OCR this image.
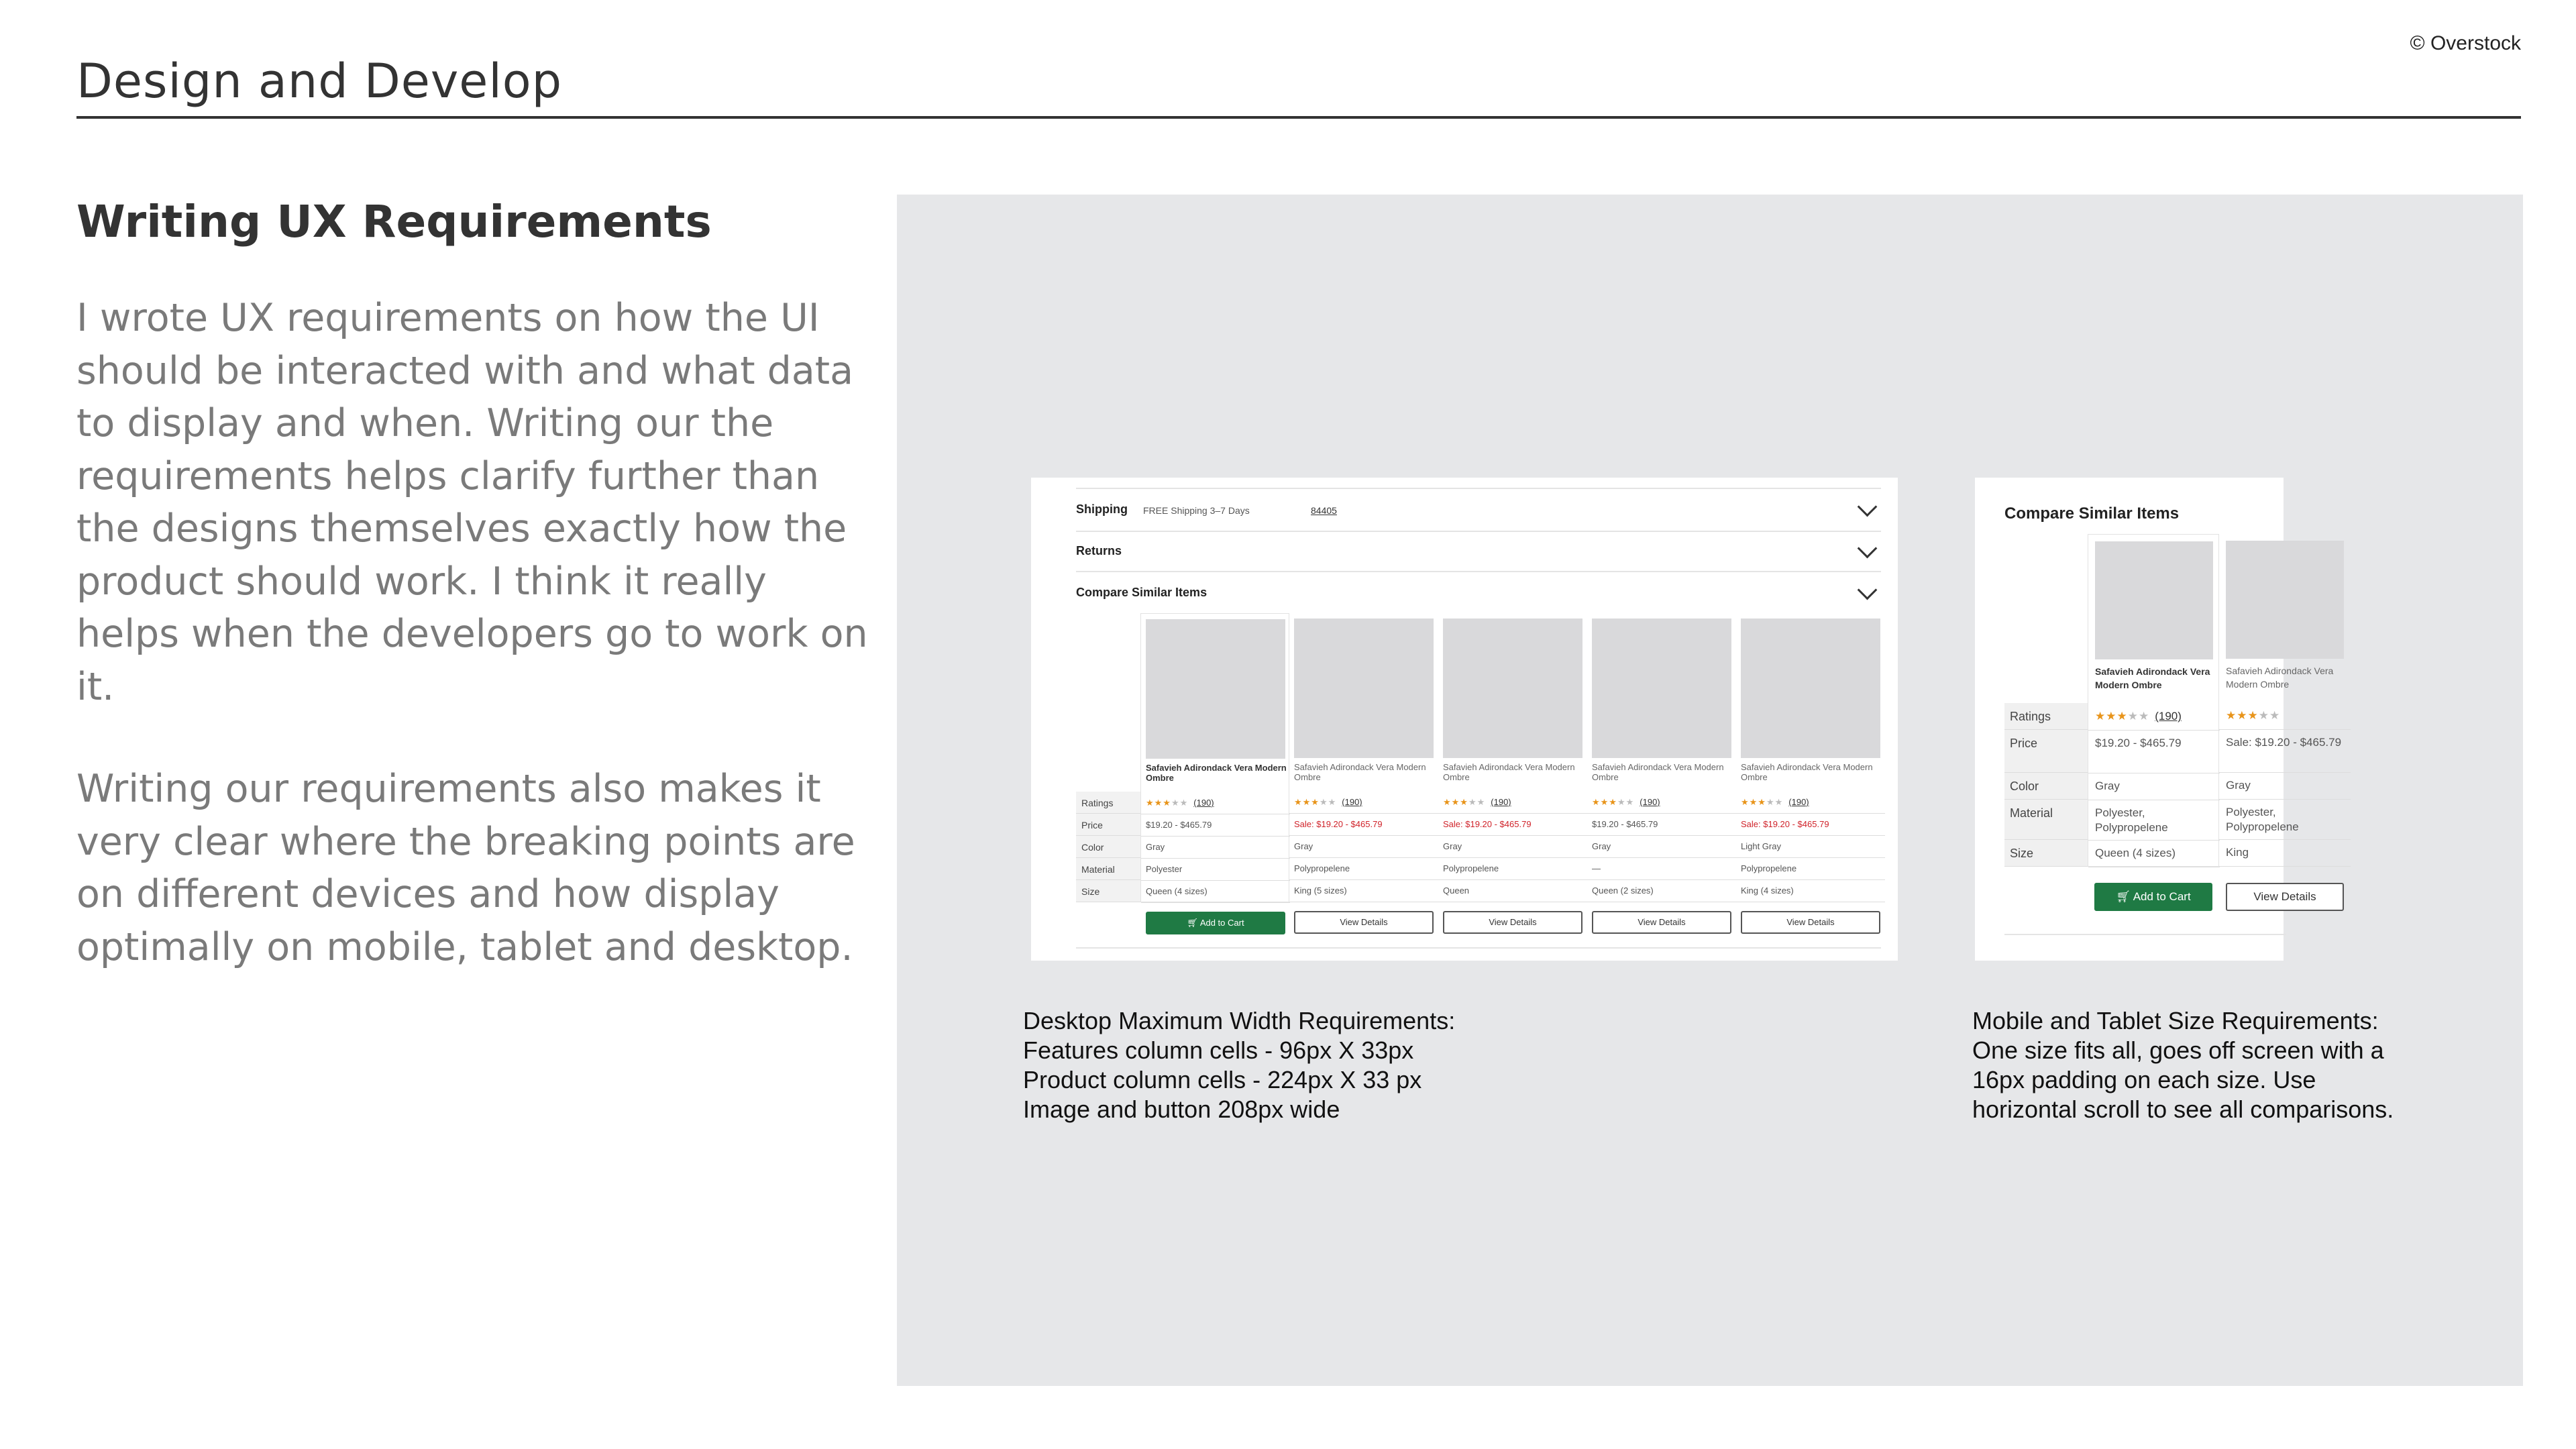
© Overstock
Design and Develop
Writing UX Requirements
I wrote UX requirements on how the UI should be interacted with and what data to display and when. Writing our the requirements helps clarify further than the designs themselves exactly how the product should work. I think it really helps when the developers go to work on it.
Writing our requirements also makes it very clear where the breaking points are on different devices and how display optimally on mobile, tablet and desktop.
Shipping FREE Shipping 3–7 Days	84405
Returns
Compare Similar Items
Ratings
Price
Color
Material
Size
Safavieh Adirondack Vera Modern Ombre
★★★★★ (190)
$19.20 - $465.79
Gray
Polyester
Queen (4 sizes)
🛒︎ Add to Cart
Safavieh Adirondack Vera Modern Ombre
★★★★★ (190)
Sale: $19.20 - $465.79
Gray
Polypropelene
King (5 sizes)
View Details
Safavieh Adirondack Vera Modern Ombre
★★★★★ (190)
Sale: $19.20 - $465.79
Gray
Polypropelene
Queen
View Details
Safavieh Adirondack Vera Modern Ombre
★★★★★ (190)
$19.20 - $465.79
Gray
—
Queen (2 sizes)
View Details
Safavieh Adirondack Vera Modern Ombre
★★★★★ (190)
Sale: $19.20 - $465.79
Light Gray
Polypropelene
King (4 sizes)
View Details
Compare Similar Items
Ratings
Price
Color
Material
Size
Safavieh Adirondack Vera Modern Ombre
★★★★★ (190)
$19.20 - $465.79
Gray
Polyester, Polypropelene
Queen (4 sizes)
🛒︎ Add to Cart
Safavieh Adirondack Vera Modern Ombre
★★★★★
Sale: $19.20 - $465.79
Gray
Polyester, Polypropelene
King
View Details
Desktop Maximum Width Requirements:
Features column cells - 96px X 33px
Product column cells - 224px X 33 px
Image and button 208px wide
Mobile and Tablet Size Requirements:
One size fits all, goes off screen with a
16px padding on each size. Use
horizontal scroll to see all comparisons.
